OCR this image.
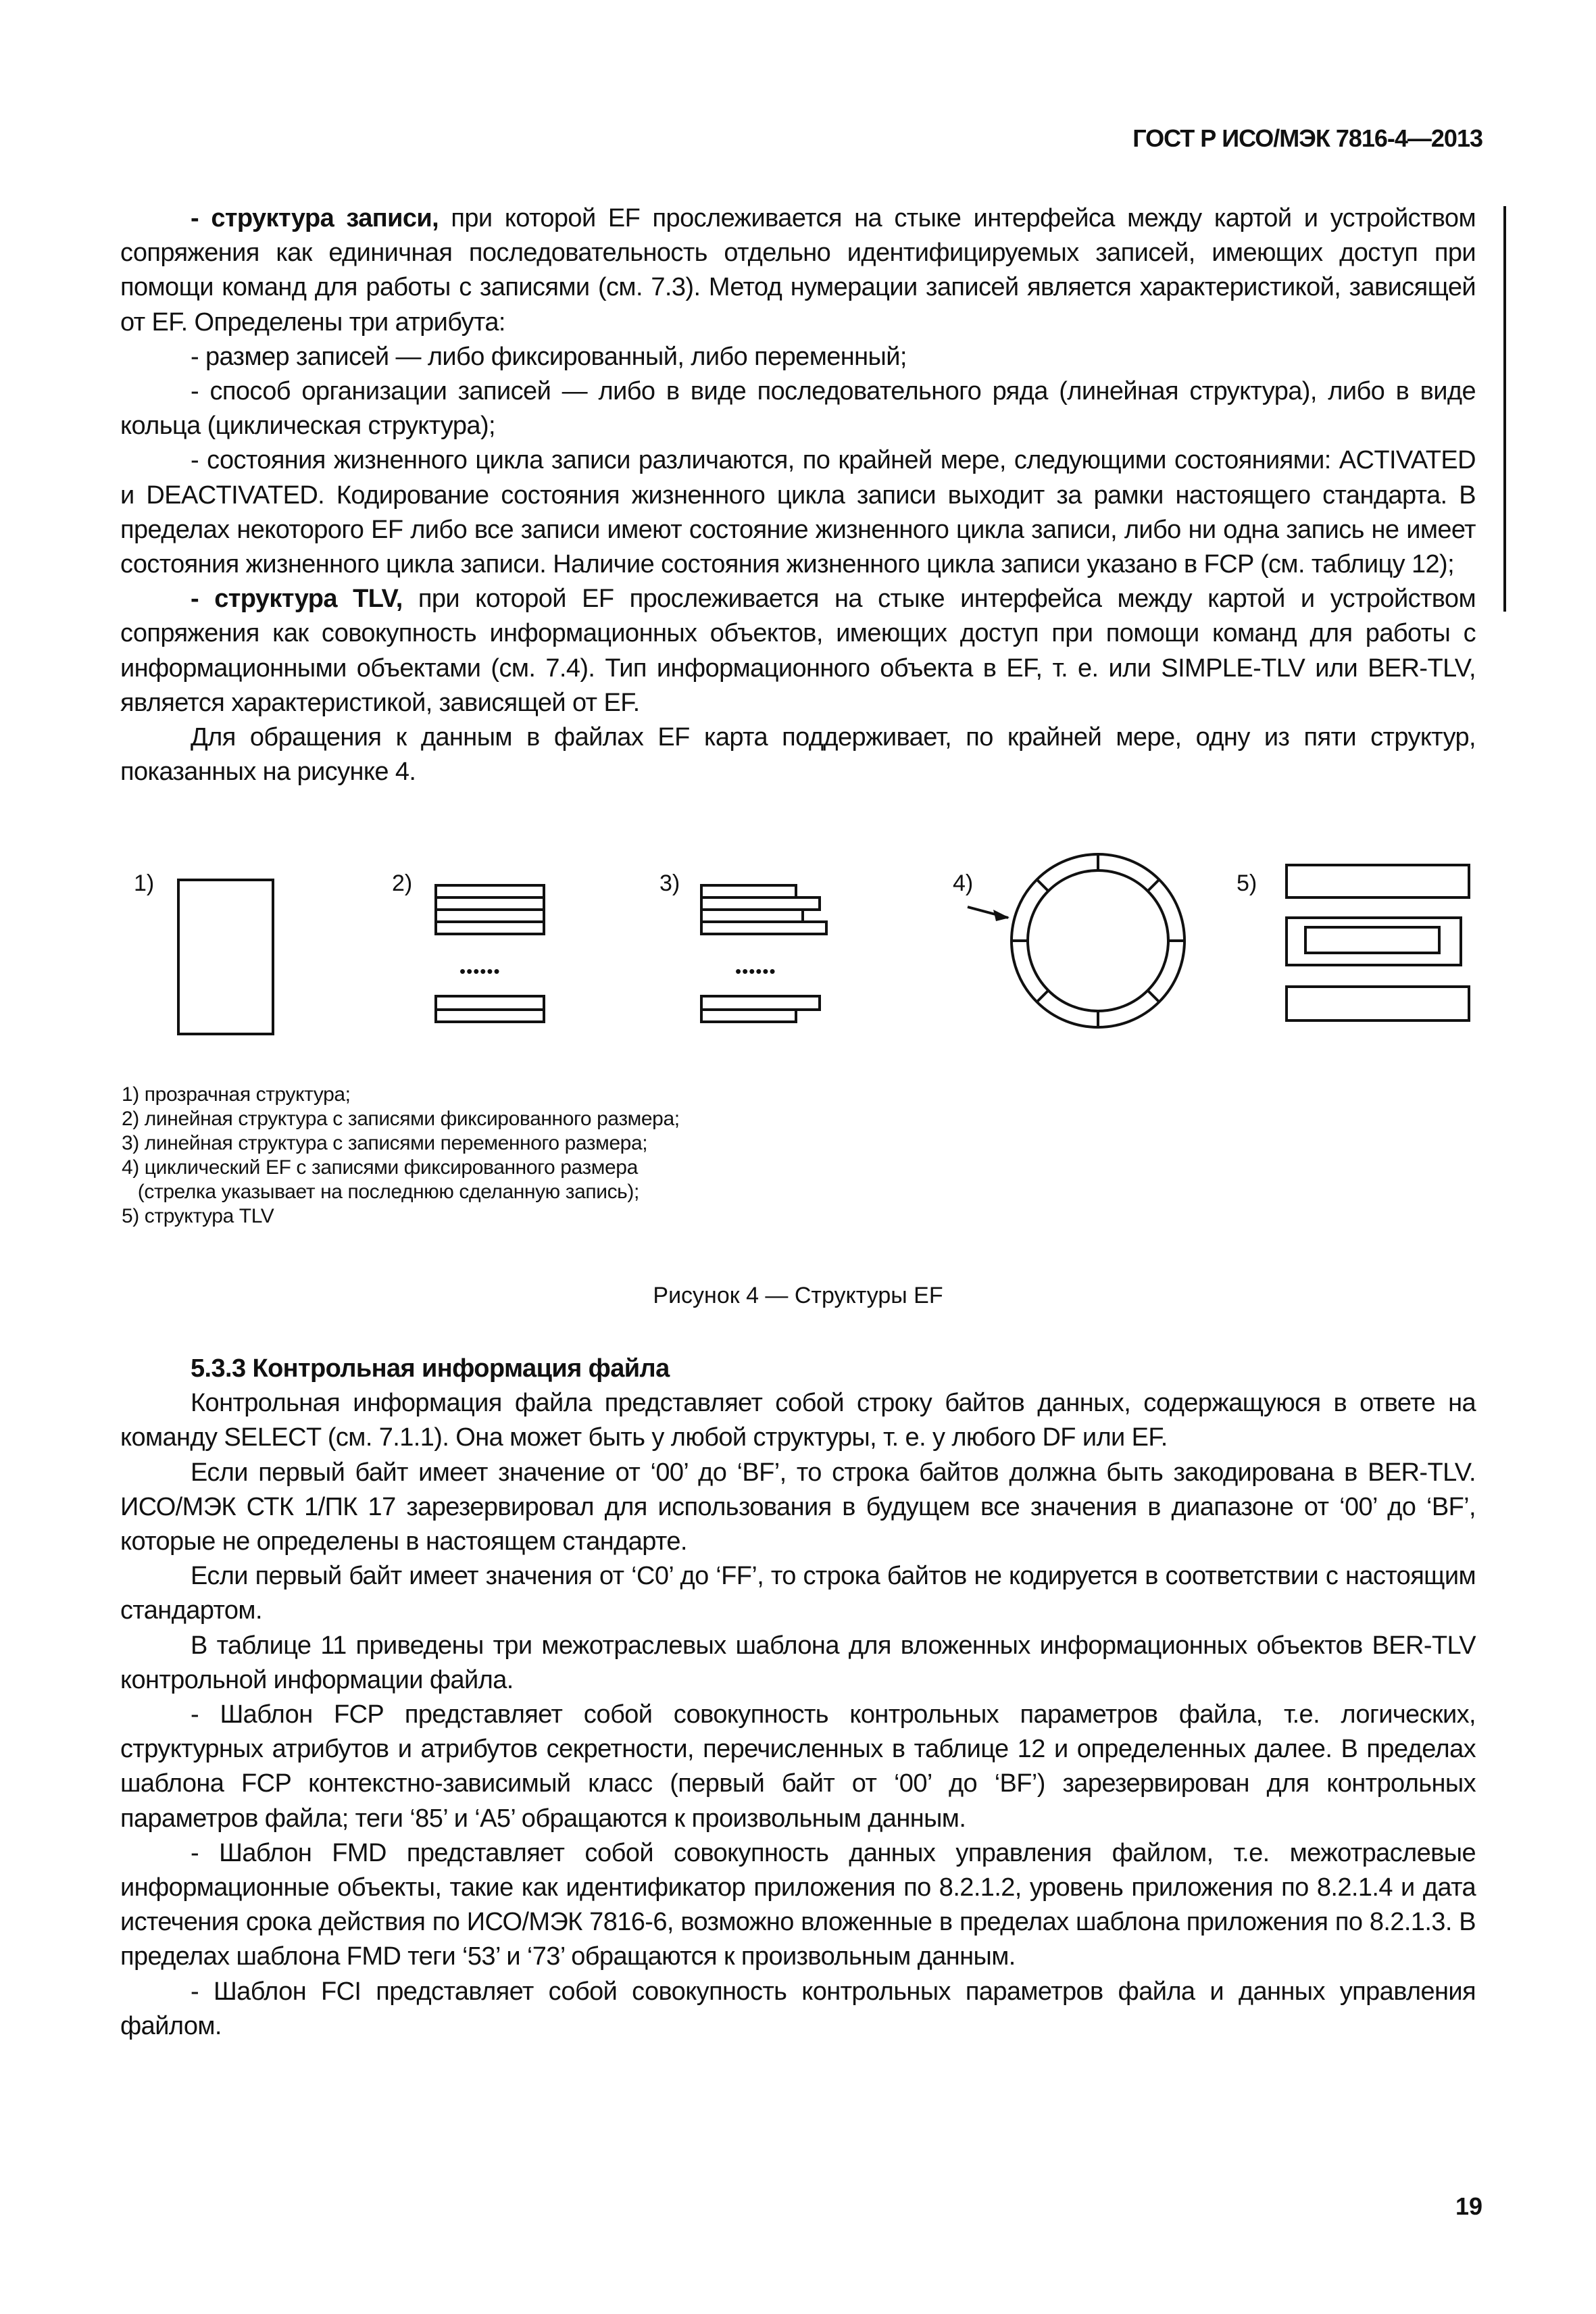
ГОСТ Р ИСО/МЭК 7816-4—2013

- структура записи, при которой EF прослеживается на стыке интерфейса между картой и устройством сопряжения как единичная последовательность отдельно идентифицируемых записей, имеющих доступ при помощи команд для работы с записями (см. 7.3). Метод нумерации записей является характеристикой, зависящей от EF. Определены три атрибута:

- размер записей — либо фиксированный, либо переменный;

- способ организации записей — либо в виде последовательного ряда (линейная структура), либо в виде кольца (циклическая структура);

- состояния жизненного цикла записи различаются, по крайней мере, следующими состояниями: ACTIVATED и DEACTIVATED. Кодирование состояния жизненного цикла записи выходит за рамки настоящего стандарта. В пределах некоторого EF либо все записи имеют состояние жизненного цикла записи, либо ни одна запись не имеет состояния жизненного цикла записи. Наличие состояния жизненного цикла записи указано в FCP (см. таблицу 12);

- структура TLV, при которой EF прослеживается на стыке интерфейса между картой и устройством сопряжения как совокупность информационных объектов, имеющих доступ при помощи команд для работы с информационными объектами (см. 7.4). Тип информационного объекта в EF, т. е. или SIMPLE-TLV или BER-TLV, является характеристикой, зависящей от EF.

Для обращения к данным в файлах EF карта поддерживает, по крайней мере, одну из пяти структур, показанных на рисунке 4.

1)	2)	3)	4)	5)
••••••	••••••
1) прозрачная структура;
2) линейная структура с записями фиксированного размера;
3) линейная структура с записями переменного размера;
4) циклический EF с записями фиксированного размера
(стрелка указывает на последнюю сделанную запись);
5) структура TLV
Рисунок 4 — Структуры EF

5.3.3 Контрольная информация файла

Контрольная информация файла представляет собой строку байтов данных, содержащуюся в ответе на команду SELECT (см. 7.1.1). Она может быть у любой структуры, т. е. у любого DF или EF.

Если первый байт имеет значение от ‘00’ до ‘BF’, то строка байтов должна быть закодирована в BER-TLV. ИСО/МЭК СТК 1/ПК 17 зарезервировал для использования в будущем все значения в диапазоне от ‘00’ до ‘BF’, которые не определены в настоящем стандарте.

Если первый байт имеет значения от ‘C0’ до ‘FF’, то строка байтов не кодируется в соответствии с настоящим стандартом.

В таблице 11 приведены три межотраслевых шаблона для вложенных информационных объектов BER-TLV контрольной информации файла.

- Шаблон FCP представляет собой совокупность контрольных параметров файла, т.е. логических, структурных атрибутов и атрибутов секретности, перечисленных в таблице 12 и определенных далее. В пределах шаблона FCP контекстно-зависимый класс (первый байт от ‘00’ до ‘BF’) зарезервирован для контрольных параметров файла; теги ‘85’ и ‘A5’ обращаются к произвольным данным.

- Шаблон FMD представляет собой совокупность данных управления файлом, т.е. межотраслевые информационные объекты, такие как идентификатор приложения по 8.2.1.2, уровень приложения по 8.2.1.4 и дата истечения срока действия по ИСО/МЭК 7816-6, возможно вложенные в пределах шаблона приложения по 8.2.1.3. В пределах шаблона FMD теги ‘53’ и ‘73’ обращаются к произвольным данным.

- Шаблон FCI представляет собой совокупность контрольных параметров файла и данных управления файлом.

19
